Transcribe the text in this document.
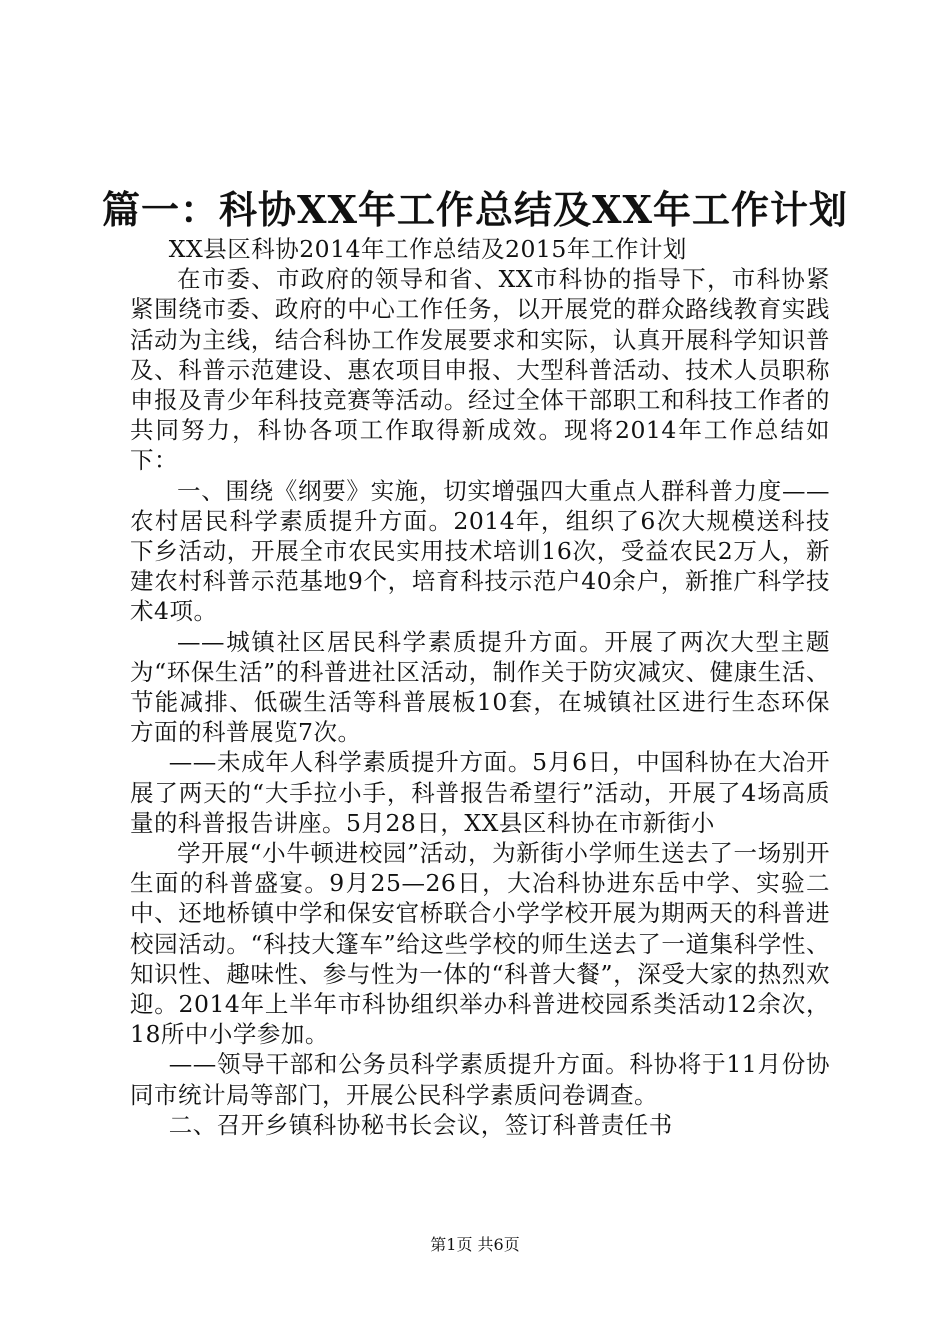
篇一：科协XX年工作总结及XX年工作计划

XX县区科协2014年工作总结及2015年工作计划

在市委、市政府的领导和省、XX市科协的指导下，市科协紧紧围绕市委、政府的中心工作任务，以开展党的群众路线教育实践活动为主线，结合科协工作发展要求和实际，认真开展科学知识普及、科普示范建设、惠农项目申报、大型科普活动、技术人员职称申报及青少年科技竞赛等活动。经过全体干部职工和科技工作者的共同努力，科协各项工作取得新成效。现将2014年工作总结如下：

一、围绕《纲要》实施，切实增强四大重点人群科普力度——农村居民科学素质提升方面。2014年，组织了6次大规模送科技下乡活动，开展全市农民实用技术培训16次，受益农民2万人，新建农村科普示范基地9个，培育科技示范户40余户，新推广科学技术4项。

——城镇社区居民科学素质提升方面。开展了两次大型主题为“环保生活”的科普进社区活动，制作关于防灾减灾、健康生活、节能减排、低碳生活等科普展板10套，在城镇社区进行生态环保方面的科普展览7次。

——未成年人科学素质提升方面。5月6日，中国科协在大冶开展了两天的“大手拉小手，科普报告希望行”活动，开展了4场高质量的科普报告讲座。5月28日，XX县区科协在市新街小

学开展“小牛顿进校园”活动，为新街小学师生送去了一场别开生面的科普盛宴。9月25—26日，大冶科协进东岳中学、实验二中、还地桥镇中学和保安官桥联合小学学校开展为期两天的科普进校园活动。“科技大篷车”给这些学校的师生送去了一道集科学性、知识性、趣味性、参与性为一体的“科普大餐”，深受大家的热烈欢迎。2014年上半年市科协组织举办科普进校园系类活动12余次，18所中小学参加。

——领导干部和公务员科学素质提升方面。科协将于11月份协同市统计局等部门，开展公民科学素质问卷调查。

二、召开乡镇科协秘书长会议，签订科普责任书

第1页 共6页
